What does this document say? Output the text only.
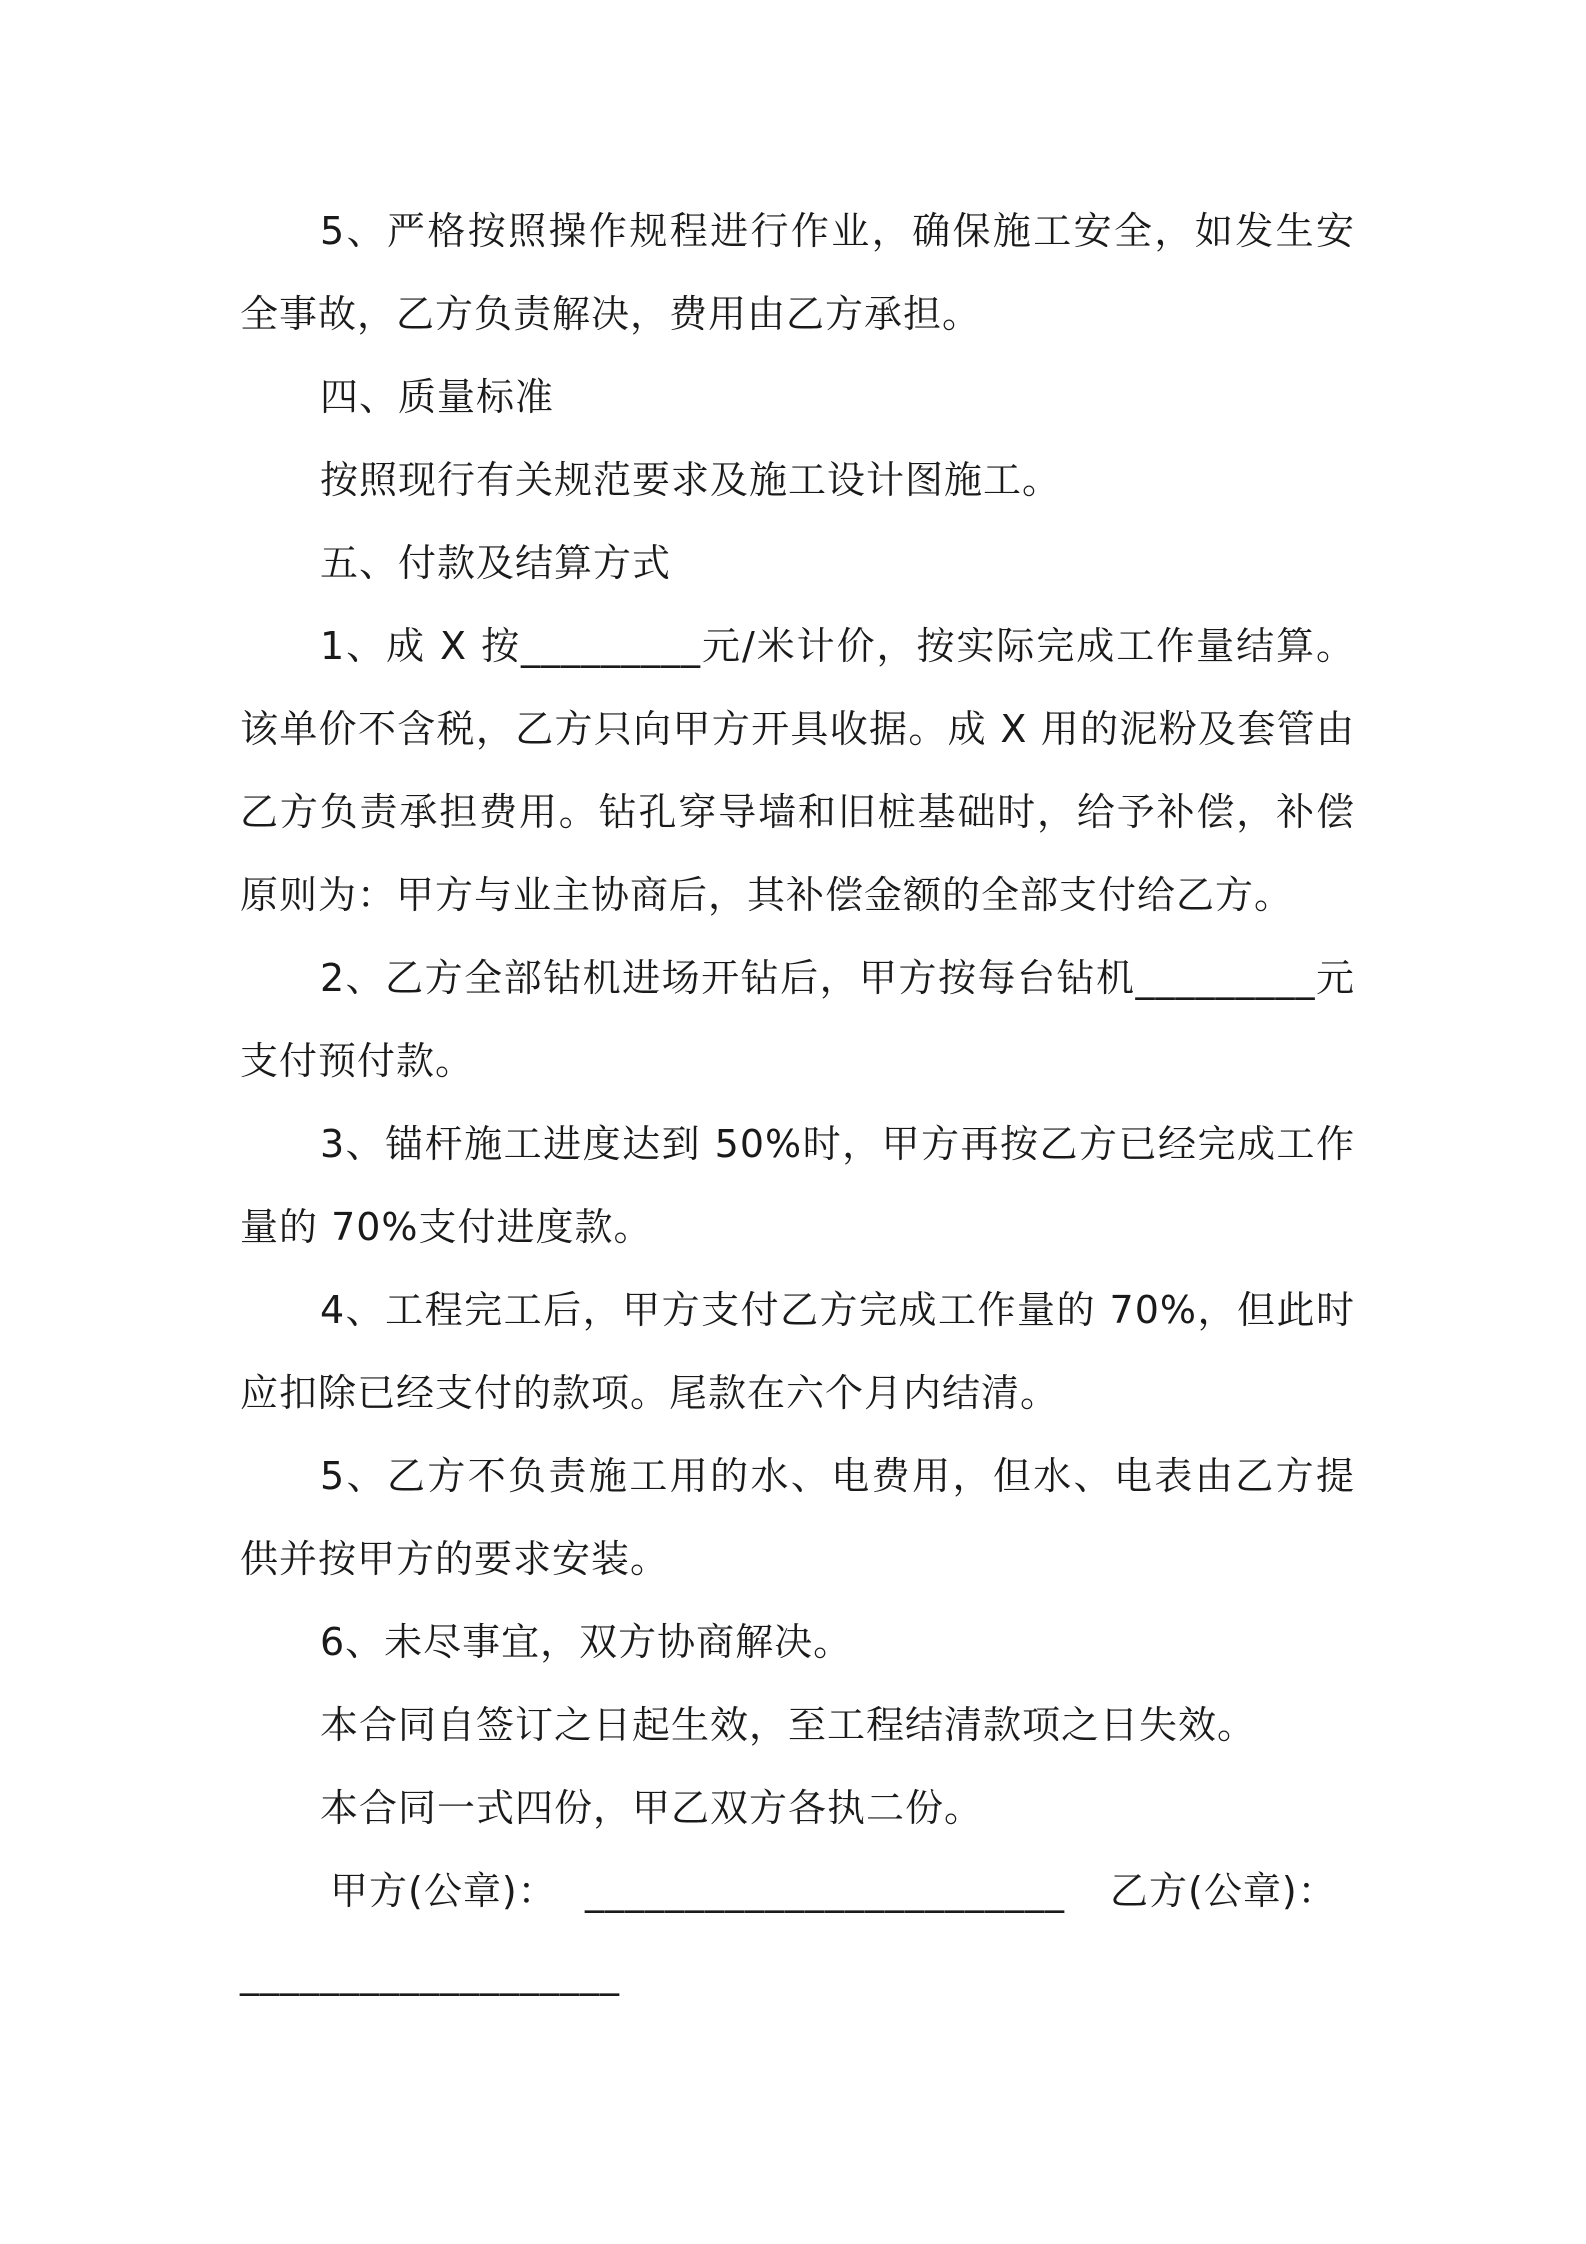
5、严格按照操作规程进行作业，确保施工安全，如发生安全事故，乙方负责解决，费用由乙方承担。

四、质量标准

按照现行有关规范要求及施工设计图施工。

五、付款及结算方式

1、成 X 按_________元/米计价，按实际完成工作量结算。该单价不含税，乙方只向甲方开具收据。成 X 用的泥粉及套管由乙方负责承担费用。钻孔穿导墙和旧桩基础时，给予补偿，补偿原则为：甲方与业主协商后，其补偿金额的全部支付给乙方。

2、乙方全部钻机进场开钻后，甲方按每台钻机_________元支付预付款。

3、锚杆施工进度达到 50%时，甲方再按乙方已经完成工作量的 70%支付进度款。

4、工程完工后，甲方支付乙方完成工作量的 70%，但此时应扣除已经支付的款项。尾款在六个月内结清。

5、乙方不负责施工用的水、电费用，但水、电表由乙方提供并按甲方的要求安装。

6、未尽事宜，双方协商解决。

本合同自签订之日起生效，至工程结清款项之日失效。

本合同一式四份，甲乙双方各执二份。

甲方(公章)： ________________________ 乙方(公章)：
___________________
